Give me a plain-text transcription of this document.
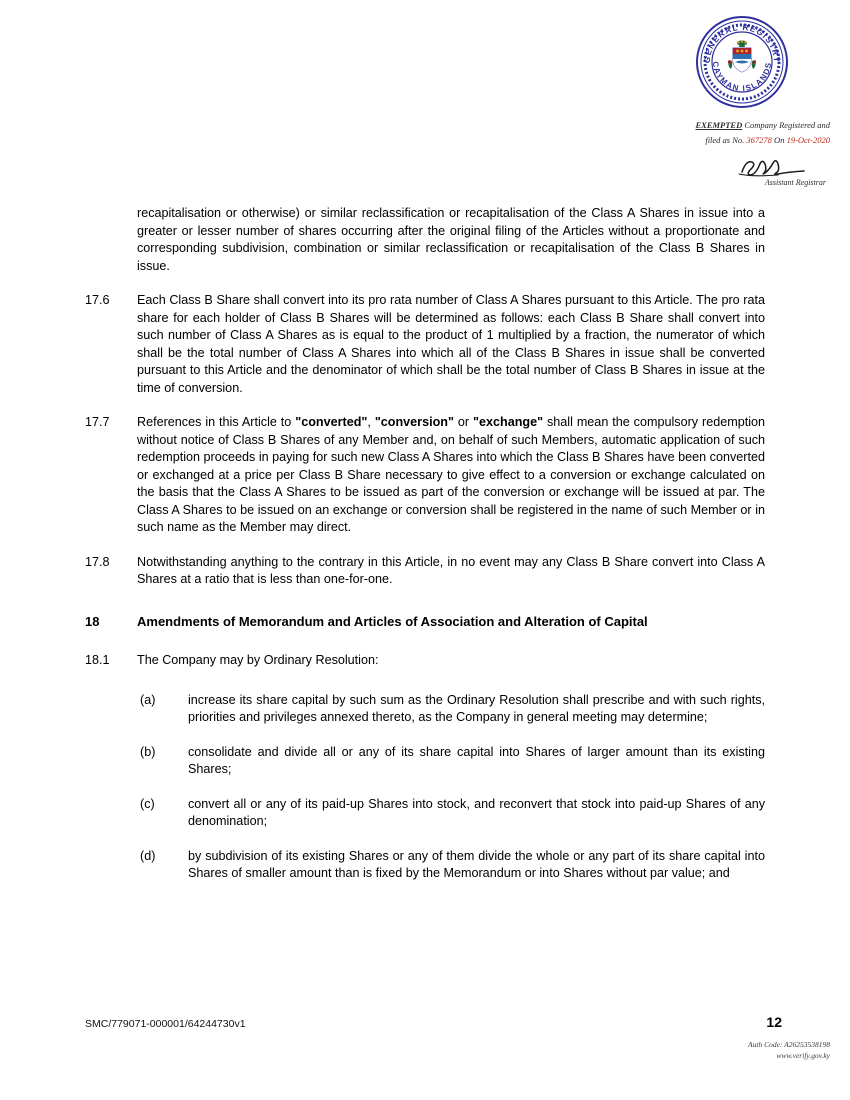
GENERAL REGISTRY
CAYMAN ISLANDS
EXEMPTED Company Registered and
filed as No. 367278 On 19-Oct-2020
Assistant Registrar
recapitalisation or otherwise) or similar reclassification or recapitalisation of the Class A Shares in issue into a greater or lesser number of shares occurring after the original filing of the Articles without a proportionate and corresponding subdivision, combination or similar reclassification or recapitalisation of the Class B Shares in issue.
17.6	Each Class B Share shall convert into its pro rata number of Class A Shares pursuant to this Article. The pro rata share for each holder of Class B Shares will be determined as follows: each Class B Share shall convert into such number of Class A Shares as is equal to the product of 1 multiplied by a fraction, the numerator of which shall be the total number of Class A Shares into which all of the Class B Shares in issue shall be converted pursuant to this Article and the denominator of which shall be the total number of Class B Shares in issue at the time of conversion.
17.7	References in this Article to "converted", "conversion" or "exchange" shall mean the compulsory redemption without notice of Class B Shares of any Member and, on behalf of such Members, automatic application of such redemption proceeds in paying for such new Class A Shares into which the Class B Shares have been converted or exchanged at a price per Class B Share necessary to give effect to a conversion or exchange calculated on the basis that the Class A Shares to be issued as part of the conversion or exchange will be issued at par. The Class A Shares to be issued on an exchange or conversion shall be registered in the name of such Member or in such name as the Member may direct.
17.8	Notwithstanding anything to the contrary in this Article, in no event may any Class B Share convert into Class A Shares at a ratio that is less than one-for-one.
18	Amendments of Memorandum and Articles of Association and Alteration of Capital
18.1	The Company may by Ordinary Resolution:
(a)	increase its share capital by such sum as the Ordinary Resolution shall prescribe and with such rights, priorities and privileges annexed thereto, as the Company in general meeting may determine;
(b)	consolidate and divide all or any of its share capital into Shares of larger amount than its existing Shares;
(c)	convert all or any of its paid-up Shares into stock, and reconvert that stock into paid-up Shares of any denomination;
(d)	by subdivision of its existing Shares or any of them divide the whole or any part of its share capital into Shares of smaller amount than is fixed by the Memorandum or into Shares without par value; and
SMC/779071-000001/64244730v1	12
Auth Code: A26253538198
www.verify.gov.ky
